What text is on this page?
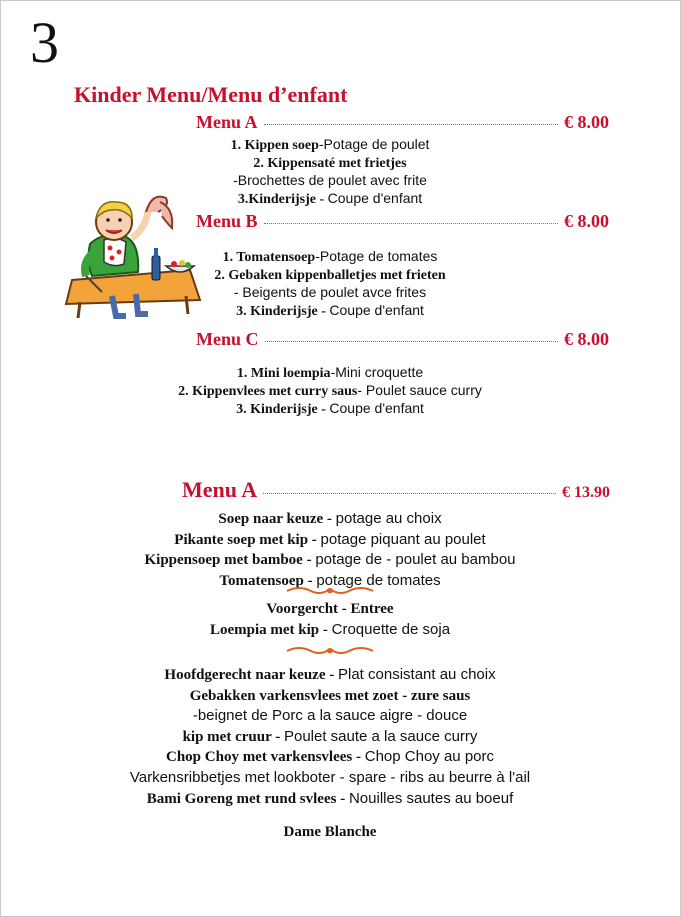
3
Kinder Menu/Menu d’enfant
Menu A	€ 8.00
1. Kippen soep-Potage de poulet
2. Kippensaté met frietjes
-Brochettes de poulet avec frite
3.Kinderijsje - Coupe d'enfant
Menu B	€ 8.00
1. Tomatensoep-Potage de tomates
2. Gebaken kippenballetjes met frieten
- Beigents de poulet avce frites
3. Kinderijsje - Coupe d'enfant
Menu C	€ 8.00
1. Mini loempia-Mini croquette
2. Kippenvlees met curry saus- Poulet sauce curry
3. Kinderijsje - Coupe d'enfant
Menu A	€ 13.90
Soep naar keuze - potage au choix
Pikante soep met kip - potage piquant au poulet
Kippensoep met bamboe - potage de - poulet au bambou
Tomatensoep - potage de tomates
Voorgercht - Entree
Loempia met kip - Croquette de soja
Hoofdgerecht naar keuze - Plat consistant au choix
Gebakken varkensvlees met zoet - zure saus
-beignet de Porc a la sauce aigre - douce
kip met cruur - Poulet saute a la sauce curry
Chop Choy met varkensvlees - Chop Choy au porc
Varkensribbetjes met lookboter - spare - ribs au beurre à l'ail
Bami Goreng met rund svlees - Nouilles sautes au boeuf
Dame Blanche
